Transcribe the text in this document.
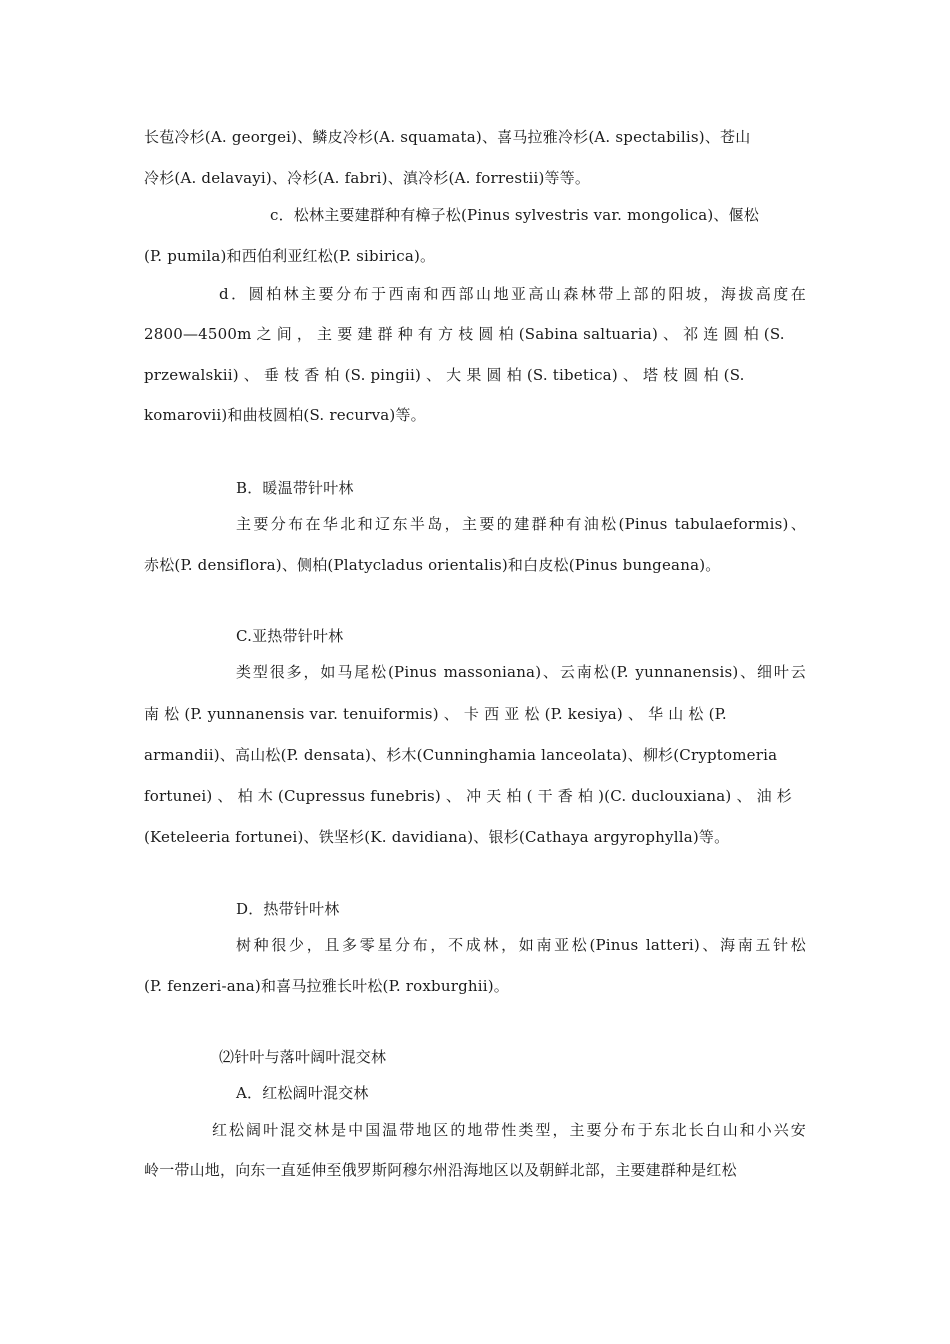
长苞冷杉(A. georgei)、鳞皮冷杉(A. squamata)、喜马拉雅冷杉(A. spectabilis)、苍山
冷杉(A. delavayi)、冷杉(A. fabri)、滇冷杉(A. forrestii)等等。
c．松林主要建群种有樟子松(Pinus sylvestris var. mongolica)、偃松
(P. pumila)和西伯利亚红松(P. sibirica)。
d．圆柏林主要分布于西南和西部山地亚高山森林带上部的阳坡，海拔高度在
2800—4500m 之 间 ， 主 要 建 群 种 有 方 枝 圆 柏 (Sabina saltuaria) 、 祁 连 圆 柏 (S.
przewalskii) 、 垂 枝 香 柏 (S. pingii) 、 大 果 圆 柏 (S. tibetica) 、 塔 枝 圆 柏 (S.
komarovii)和曲枝圆柏(S. recurva)等。
B．暖温带针叶林
主要分布在华北和辽东半岛，主要的建群种有油松(Pinus tabulaeformis)、
赤松(P. densiflora)、侧柏(Platycladus orientalis)和白皮松(Pinus bungeana)。
C.亚热带针叶林
类型很多，如马尾松(Pinus massoniana)、云南松(P. yunnanensis)、细叶云
南 松 (P. yunnanensis var. tenuiformis) 、 卡 西 亚 松 (P. kesiya) 、 华 山 松 (P.
armandii)、高山松(P. densata)、杉木(Cunninghamia lanceolata)、柳杉(Cryptomeria
fortunei) 、 柏 木 (Cupressus funebris) 、 冲 天 柏 ( 干 香 柏 )(C. duclouxiana) 、 油 杉
(Keteleeria fortunei)、铁坚杉(K. davidiana)、银杉(Cathaya argyrophylla)等。
D．热带针叶林
树种很少，且多零星分布，不成林，如南亚松(Pinus latteri)、海南五针松
(P. fenzeri-ana)和喜马拉雅长叶松(P. roxburghii)。
⑵针叶与落叶阔叶混交林
A．红松阔叶混交林
红松阔叶混交林是中国温带地区的地带性类型，主要分布于东北长白山和小兴安
岭一带山地，向东一直延伸至俄罗斯阿穆尔州沿海地区以及朝鲜北部，主要建群种是红松
